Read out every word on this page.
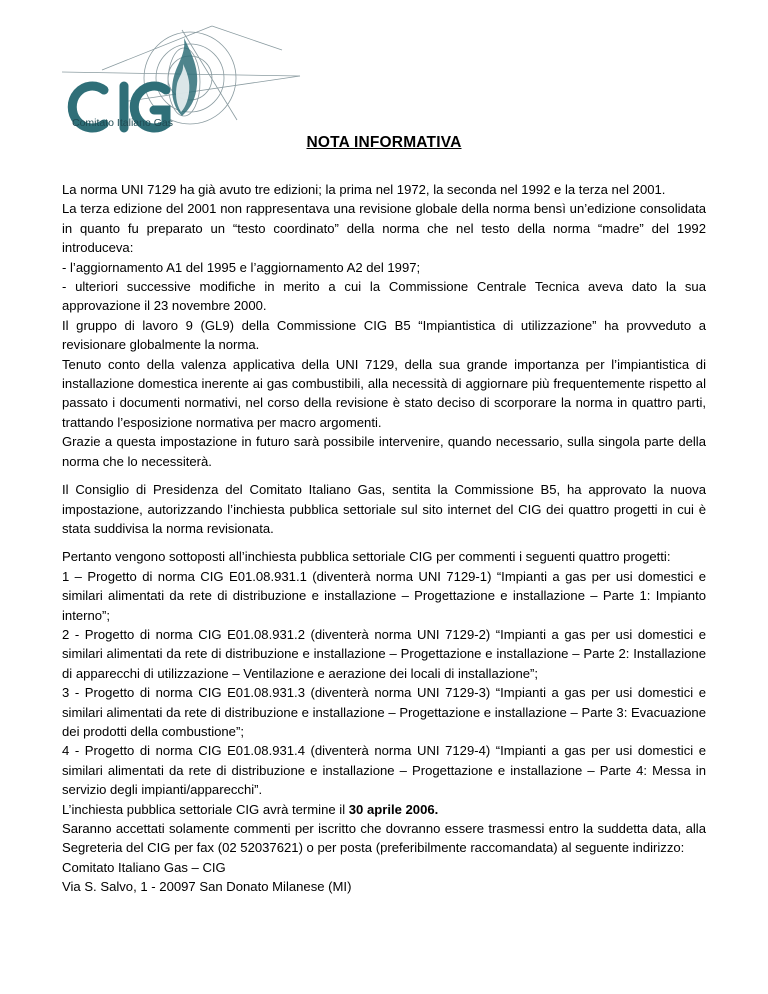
Comitato Italiano Gas
NOTA INFORMATIVA

La norma UNI 7129 ha già avuto tre edizioni; la prima nel 1972, la seconda nel 1992 e la terza nel 2001.

La terza edizione del 2001 non rappresentava una revisione globale della norma bensì un’edizione consolidata in quanto fu preparato un “testo coordinato” della norma che nel testo della norma “madre” del 1992 introduceva:

- l’aggiornamento A1 del 1995 e l’aggiornamento A2 del 1997;

- ulteriori successive modifiche in merito a cui la Commissione Centrale Tecnica aveva dato la sua approvazione il 23 novembre 2000.

Il gruppo di lavoro 9 (GL9) della Commissione CIG B5 “Impiantistica di utilizzazione” ha provveduto a revisionare globalmente la norma.

Tenuto conto della valenza applicativa della UNI 7129, della sua grande importanza per l’impiantistica di installazione domestica inerente ai gas combustibili, alla necessità di aggiornare più frequentemente rispetto al passato i documenti normativi, nel corso della revisione è stato deciso di scorporare la norma in quattro parti, trattando l’esposizione normativa per macro argomenti.

Grazie a questa impostazione in futuro sarà possibile intervenire, quando necessario, sulla singola parte della norma che lo necessiterà.

Il Consiglio di Presidenza del Comitato Italiano Gas, sentita la Commissione B5, ha approvato la nuova impostazione, autorizzando l’inchiesta pubblica settoriale sul sito internet del CIG dei quattro progetti in cui è stata suddivisa la norma revisionata.

Pertanto vengono sottoposti all’inchiesta pubblica settoriale CIG per commenti i seguenti quattro progetti:

1 – Progetto di norma CIG E01.08.931.1 (diventerà norma UNI 7129-1) “Impianti a gas per usi domestici e similari alimentati da rete di distribuzione e installazione – Progettazione e installazione – Parte 1: Impianto interno”;

2 - Progetto di norma CIG E01.08.931.2 (diventerà norma UNI 7129-2) “Impianti a gas per usi domestici e similari alimentati da rete di distribuzione e installazione – Progettazione e installazione – Parte 2: Installazione di apparecchi di utilizzazione – Ventilazione e aerazione dei locali di installazione”;

3 - Progetto di norma CIG E01.08.931.3 (diventerà norma UNI 7129-3) “Impianti a gas per usi domestici e similari alimentati da rete di distribuzione e installazione – Progettazione e installazione – Parte 3: Evacuazione dei prodotti della combustione”;

4 - Progetto di norma CIG E01.08.931.4 (diventerà norma UNI 7129-4) “Impianti a gas per usi domestici e similari alimentati da rete di distribuzione e installazione – Progettazione e installazione – Parte 4: Messa in servizio degli impianti/apparecchi”.

L’inchiesta pubblica settoriale CIG avrà termine il 30 aprile 2006.

Saranno accettati solamente commenti per iscritto che dovranno essere trasmessi entro la suddetta data, alla Segreteria del CIG per fax (02 52037621) o per posta (preferibilmente raccomandata) al seguente indirizzo:

Comitato Italiano Gas – CIG

Via S. Salvo, 1 - 20097 San Donato Milanese (MI)
